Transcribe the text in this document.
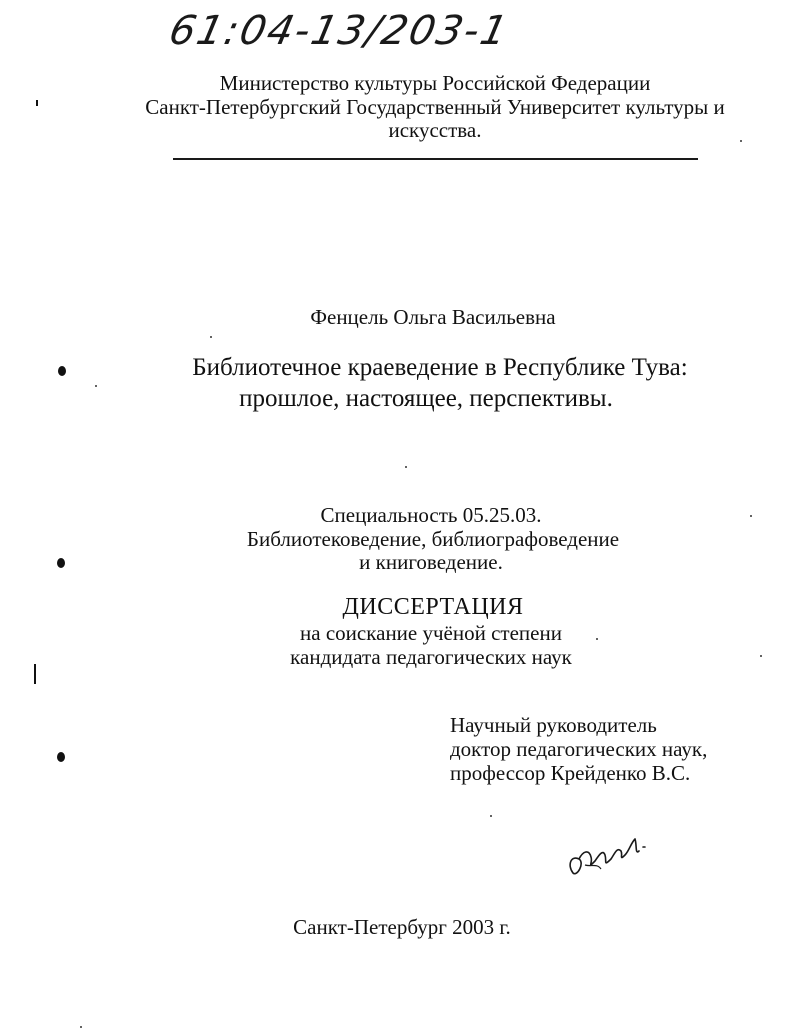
61:04-13/203-1
Министерство культуры Российской Федерации
Санкт-Петербургский Государственный Университет культуры и
искусства.
Фенцель Ольга Васильевна
Библиотечное краеведение в Республике Тува:
прошлое, настоящее, перспективы.
Специальность 05.25.03.
Библиотековедение, библиографоведение
и книговедение.
ДИССЕРТАЦИЯ
на соискание учёной степени
кандидата педагогических наук
Научный руководитель
доктор педагогических наук,
профессор Крейденко В.С.
Санкт-Петербург 2003 г.
